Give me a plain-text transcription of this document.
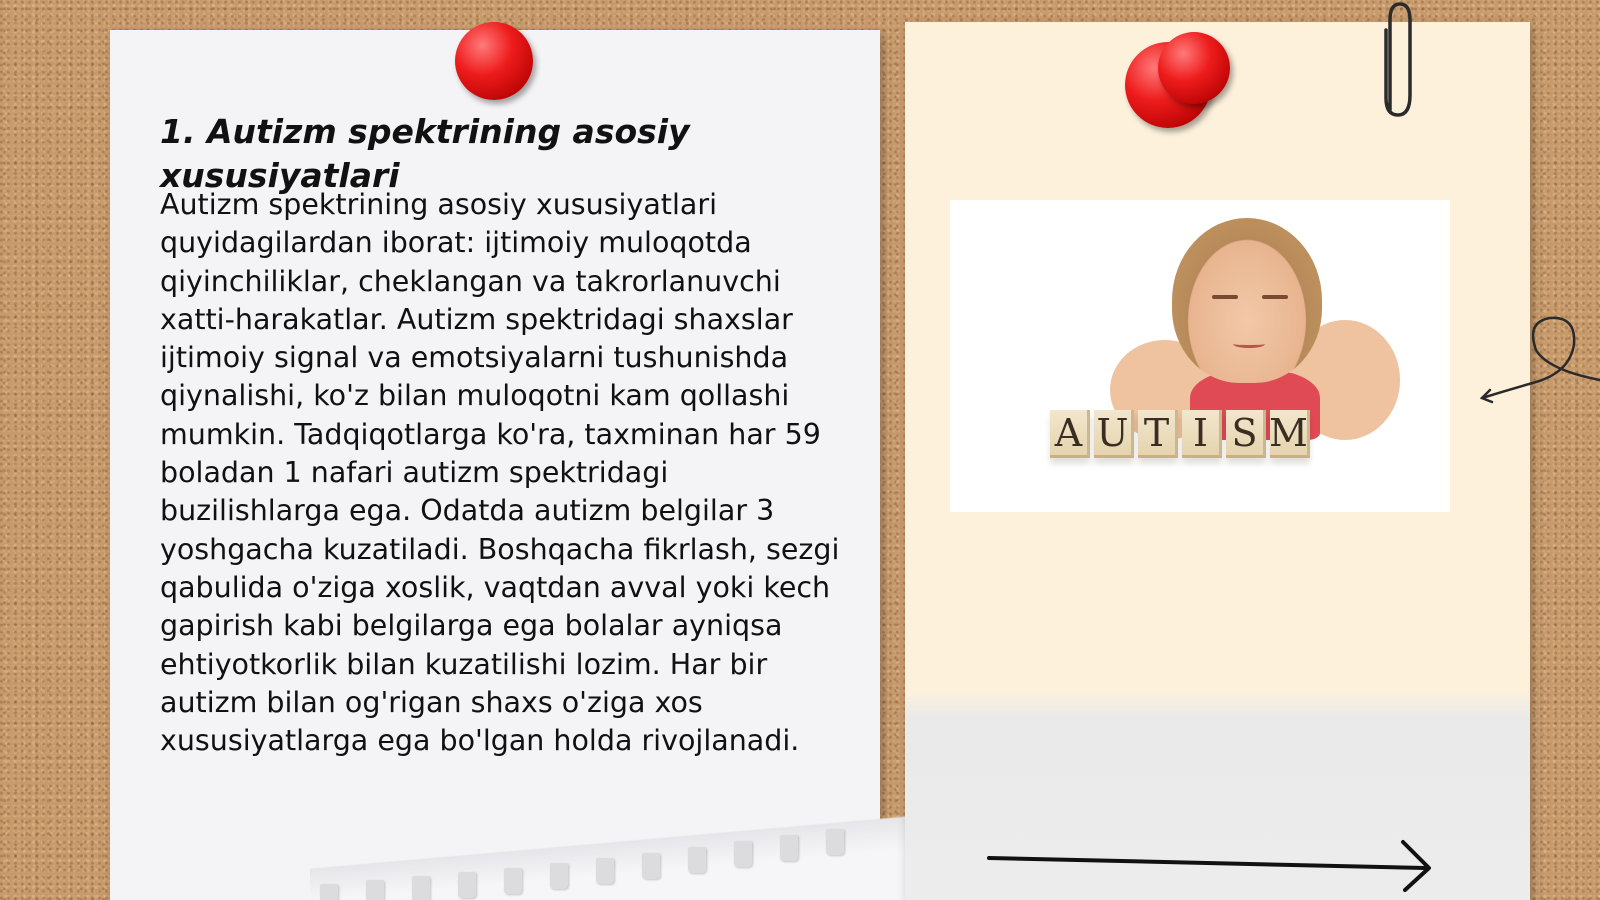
1. Autizm spektrining asosiy xususiyatlari
Autizm spektrining asosiy xususiyatlari quyidagilardan iborat: ijtimoiy muloqotda qiyinchiliklar, cheklangan va takrorlanuvchi xatti-harakatlar. Autizm spektridagi shaxslar ijtimoiy signal va emotsiyalarni tushunishda qiynalishi, ko'z bilan muloqotni kam qollashi mumkin. Tadqiqotlarga ko'ra, taxminan har 59 boladan 1 nafari autizm spektridagi buzilishlarga ega. Odatda autizm belgilar 3 yoshgacha kuzatiladi. Boshqacha fikrlash, sezgi qabulida o'ziga xoslik, vaqtdan avval yoki kech gapirish kabi belgilarga ega bolalar ayniqsa ehtiyotkorlik bilan kuzatilishi lozim. Har bir autizm bilan og'rigan shaxs o'ziga xos xususiyatlarga ega bo'lgan holda rivojlanadi.
A U T I S M
